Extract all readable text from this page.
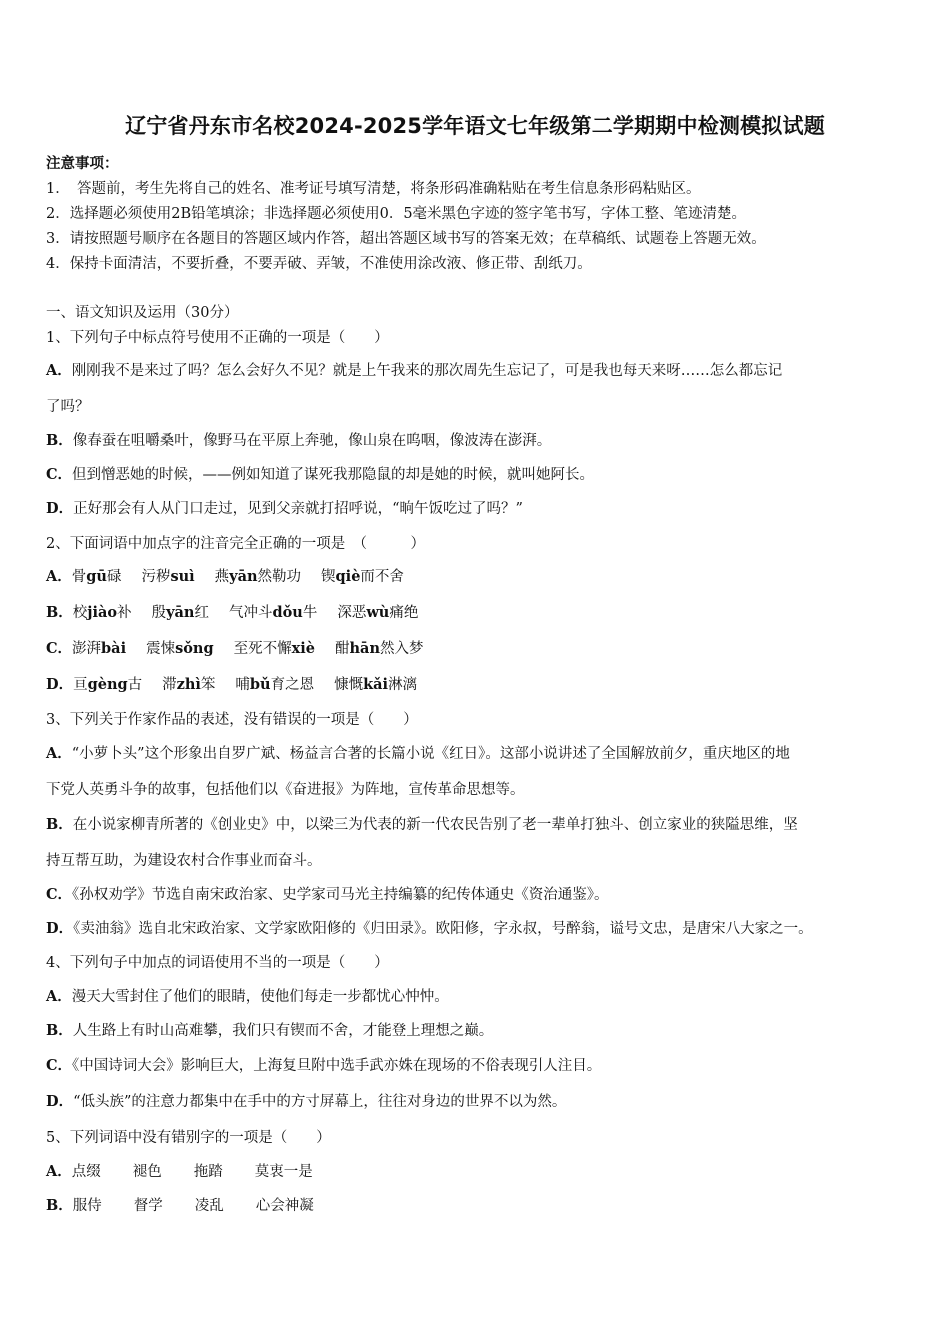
辽宁省丹东市名校2024-2025学年语文七年级第二学期期中检测模拟试题
注意事项：
1．　答题前，考生先将自己的姓名、准考证号填写清楚，将条形码准确粘贴在考生信息条形码粘贴区。
2．选择题必须使用2B铅笔填涂；非选择题必须使用0．5毫米黑色字迹的签字笔书写，字体工整、笔迹清楚。
3．请按照题号顺序在各题目的答题区域内作答，超出答题区域书写的答案无效；在草稿纸、试题卷上答题无效。
4．保持卡面清洁，不要折叠，不要弄破、弄皱，不准使用涂改液、修正带、刮纸刀。
一、语文知识及运用（30分）
1、下列句子中标点符号使用不正确的一项是（　　）
A．刚刚我不是来过了吗？怎么会好久不见？就是上午我来的那次周先生忘记了，可是我也每天来呀……怎么都忘记
了吗？
B．像春蚕在咀嚼桑叶，像野马在平原上奔驰，像山泉在呜咽，像波涛在澎湃。
C．但到憎恶她的时候，——例如知道了谋死我那隐鼠的却是她的时候，就叫她阿长。
D．正好那会有人从门口走过，见到父亲就打招呼说，“晌午饭吃过了吗？”
2、下面词语中加点字的注音完全正确的一项是　（　　　）
A．骨gū碌 污秽suì 燕yān然勒功 锲qiè而不舍
B．校jiào补 殷yān红 气冲斗dǒu牛 深恶wù痛绝
C．澎湃bài 震悚sǒng 至死不懈xiè 酣hān然入梦
D．亘gèng古 滞zhì笨 哺bǔ育之恩 慷慨kǎi淋漓
3、下列关于作家作品的表述，没有错误的一项是（　　）
A．“小萝卜头”这个形象出自罗广斌、杨益言合著的长篇小说《红日》。这部小说讲述了全国解放前夕，重庆地区的地
下党人英勇斗争的故事，包括他们以《奋进报》为阵地，宣传革命思想等。
B．在小说家柳青所著的《创业史》中，以梁三为代表的新一代农民告别了老一辈单打独斗、创立家业的狭隘思维，坚
持互帮互助，为建设农村合作事业而奋斗。
C．《孙权劝学》节选自南宋政治家、史学家司马光主持编纂的纪传体通史《资治通鉴》。
D．《卖油翁》选自北宋政治家、文学家欧阳修的《归田录》。欧阳修，字永叔，号醉翁，谥号文忠，是唐宋八大家之一。
4、下列句子中加点的词语使用不当的一项是（　　）
A．漫天大雪封住了他们的眼睛，使他们每走一步都忧心忡忡。
B．人生路上有时山高难攀，我们只有锲而不舍，才能登上理想之巅。
C．《中国诗词大会》影响巨大，上海复旦附中选手武亦姝在现场的不俗表现引人注目。
D．“低头族”的注意力都集中在手中的方寸屏幕上，往往对身边的世界不以为然。
5、下列词语中没有错别字的一项是（　　）
A．点缀 褪色 拖踏 莫衷一是
B．服侍 督学 凌乱 心会神凝
